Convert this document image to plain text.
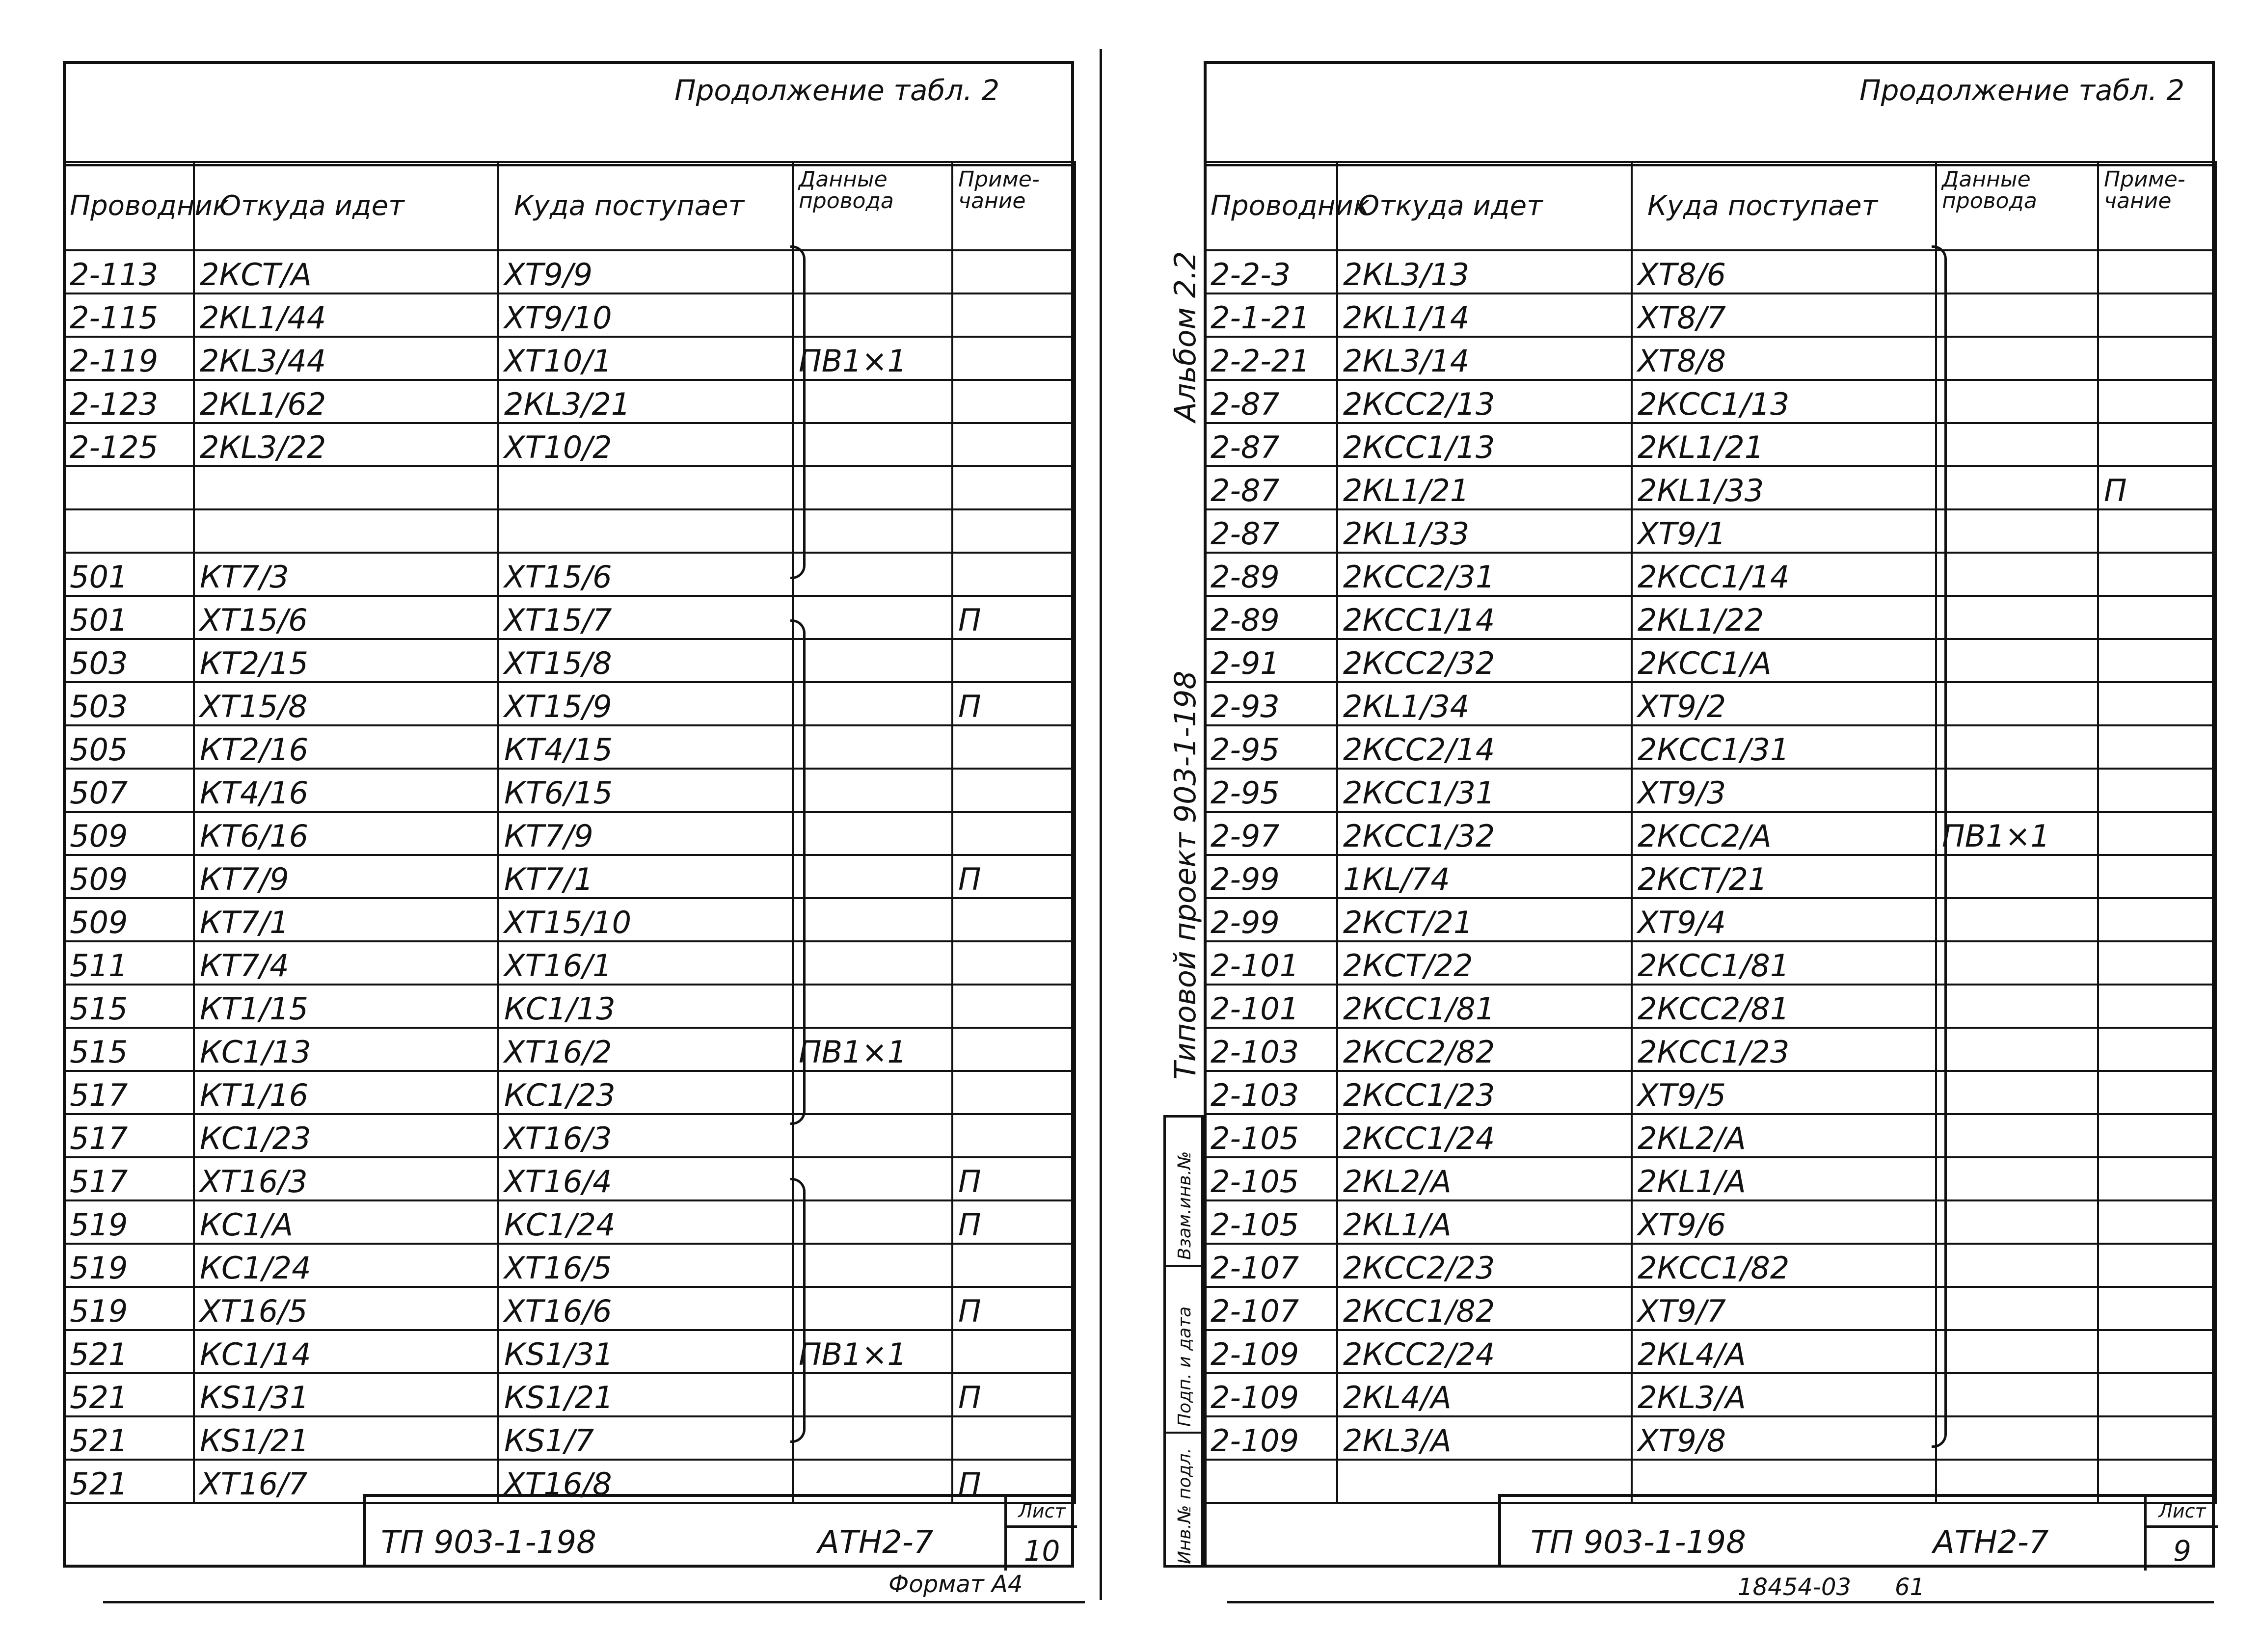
Продолжение табл. 2
Проводник	Откуда идет	Куда поступает	Данные провода	Приме- чание
2-113	2КСТ/А	ХТ9/9		
2-115	2КL1/44	ХТ9/10		
2-119	2КL3/44	ХТ10/1	ПВ1×1	
2-123	2КL1/62	2КL3/21		
2-125	2КL3/22	ХТ10/2		

501	КТ7/3	ХТ15/6		
501	ХТ15/6	ХТ15/7		П
503	КТ2/15	ХТ15/8		
503	ХТ15/8	ХТ15/9		П
505	КТ2/16	КТ4/15		
507	КТ4/16	КТ6/15		
509	КТ6/16	КТ7/9		
509	КТ7/9	КТ7/1		П
509	КТ7/1	ХТ15/10		
511	КТ7/4	ХТ16/1		
515	КТ1/15	КС1/13		
515	КС1/13	ХТ16/2	ПВ1×1	
517	КТ1/16	КС1/23		
517	КС1/23	ХТ16/3		
517	ХТ16/3	ХТ16/4		П
519	КС1/А	КС1/24		П
519	КС1/24	ХТ16/5		
519	ХТ16/5	ХТ16/6		П
521	КС1/14	КS1/31	ПВ1×1	
521	КS1/31	КS1/21		П
521	КS1/21	КS1/7		
521	ХТ16/7	ХТ16/8		П
ТП 903-1-198	АТН2-7
Лист
10
Формат А4
Продолжение табл. 2
Проводник	Откуда идет	Куда поступает	Данные провода	Приме- чание
2-2-3	2КL3/13	ХТ8/6		
2-1-21	2КL1/14	ХТ8/7		
2-2-21	2КL3/14	ХТ8/8		
2-87	2КСС2/13	2КСС1/13		
2-87	2КСС1/13	2КL1/21		
2-87	2КL1/21	2КL1/33		П
2-87	2КL1/33	ХТ9/1		
2-89	2КСС2/31	2КСС1/14		
2-89	2КСС1/14	2КL1/22		
2-91	2КСС2/32	2КСС1/А		
2-93	2КL1/34	ХТ9/2		
2-95	2КСС2/14	2КСС1/31		
2-95	2КСС1/31	ХТ9/3		
2-97	2КСС1/32	2КСС2/А	ПВ1×1	
2-99	1КL/74	2КСТ/21		
2-99	2КСТ/21	ХТ9/4		
2-101	2КСТ/22	2КСС1/81		
2-101	2КСС1/81	2КСС2/81		
2-103	2КСС2/82	2КСС1/23		
2-103	2КСС1/23	ХТ9/5		
2-105	2КСС1/24	2КL2/А		
2-105	2КL2/А	2КL1/А		
2-105	2КL1/А	ХТ9/6		
2-107	2КСС2/23	2КСС1/82		
2-107	2КСС1/82	ХТ9/7		
2-109	2КСС2/24	2КL4/А		
2-109	2КL4/А	2КL3/А		
2-109	2КL3/А	ХТ9/8		

Альбом 2.2
Типовой проект 903-1-198
Инв.№ подл.
Подп. и дата
Взам.инв.№
ТП 903-1-198	АТН2-7
Лист
9
18454-03 61
